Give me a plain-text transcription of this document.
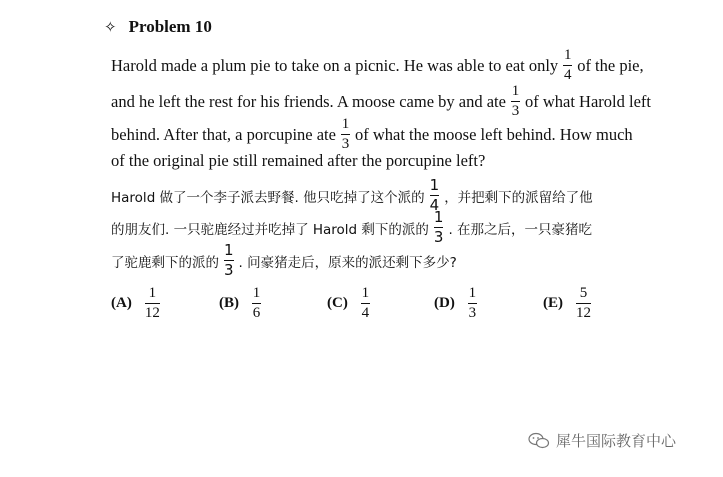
✧ Problem 10
Harold made a plum pie to take on a picnic. He was able to eat only $\frac{1}{4}$ of the pie,
and he left the rest for his friends. A moose came by and ate $\frac{1}{3}$ of what Harold left
behind. After that, a porcupine ate $\frac{1}{3}$ of what the moose left behind. How much
of the original pie still remained after the porcupine left?
Harold 做了一个李子派去野餐. 他只吃掉了这个派的 $\frac{1}{4}$ ，并把剩下的派留给了他
的朋友们. 一只驼鹿经过并吃掉了 Harold 剩下的派的 $\frac{1}{3}$ . 在那之后，一只豪猪吃
了驼鹿剩下的派的 $\frac{1}{3}$ . 问豪猪走后，原来的派还剩下多少?
$(A) \frac{1}{12}$	$(B) \frac{1}{6}$	$(C) \frac{1}{4}$	$(D) \frac{1}{3}$	$(E) \frac{5}{12}$
犀牛国际教育中心
